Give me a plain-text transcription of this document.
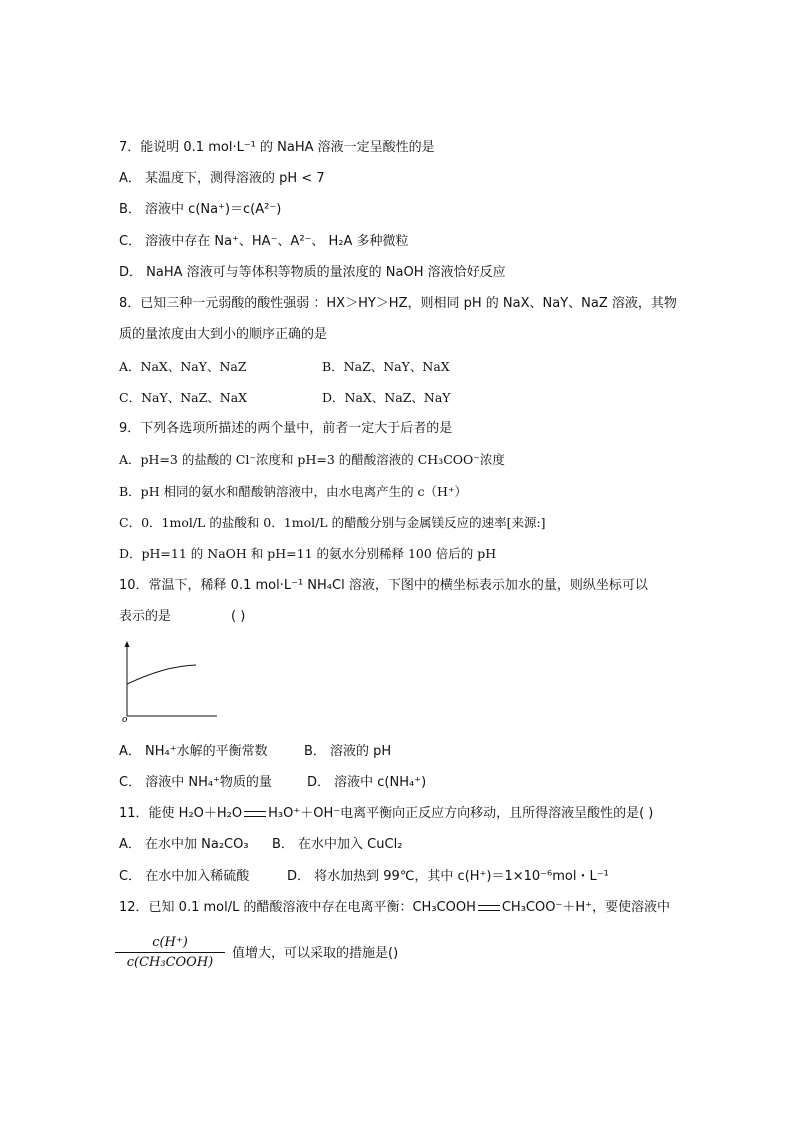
7．能说明 0.1 mol·L⁻¹ 的 NaHA 溶液一定呈酸性的是
A． 某温度下，测得溶液的 pH < 7
B． 溶液中 c(Na⁺)＝c(A²⁻)
C． 溶液中存在 Na⁺、HA⁻、A²⁻、 H₂A 多种微粒
D． NaHA 溶液可与等体积等物质的量浓度的 NaOH 溶液恰好反应
8．已知三种一元弱酸的酸性强弱 ：HX＞HY＞HZ，则相同 pH 的 NaX、NaY、NaZ 溶液，其物
质的量浓度由大到小的顺序正确的是
A．NaX、NaY、NaZ	B．NaZ、NaY、NaX
C．NaY、NaZ、NaX	D．NaX、NaZ、NaY
9．下列各选项所描述的两个量中，前者一定大于后者的是
A．pH=3 的盐酸的 Cl⁻浓度和 pH=3 的醋酸溶液的 CH₃COO⁻浓度
B．pH 相同的氨水和醋酸钠溶液中，由水电离产生的 c（H⁺）
C．0．1mol/L 的盐酸和 0．1mol/L 的醋酸分别与金属镁反应的速率[来源:]
D．pH=11 的 NaOH 和 pH=11 的氨水分别稀释 100 倍后的 pH
10．常温下，稀释 0.1 mol·L⁻¹ NH₄Cl 溶液，下图中的横坐标表示加水的量，则纵坐标可以
表示的是	( )
o
A． NH₄⁺水解的平衡常数	B． 溶液的 pH
C． 溶液中 NH₄⁺物质的量	D． 溶液中 c(NH₄⁺)
11．能使 H₂O＋H₂O H₃O⁺＋OH⁻电离平衡向正反应方向移动，且所得溶液呈酸性的是( )
A． 在水中加 Na₂CO₃ B． 在水中加入 CuCl₂
C． 在水中加入稀硫酸	D． 将水加热到 99℃，其中 c(H⁺)＝1×10⁻⁶mol・L⁻¹
12．已知 0.1 mol/L 的醋酸溶液中存在电离平衡：CH₃COOH CH₃COO⁻＋H⁺，要使溶液中
c(H⁺)
c(CH₃COOH)
值增大，可以采取的措施是()
